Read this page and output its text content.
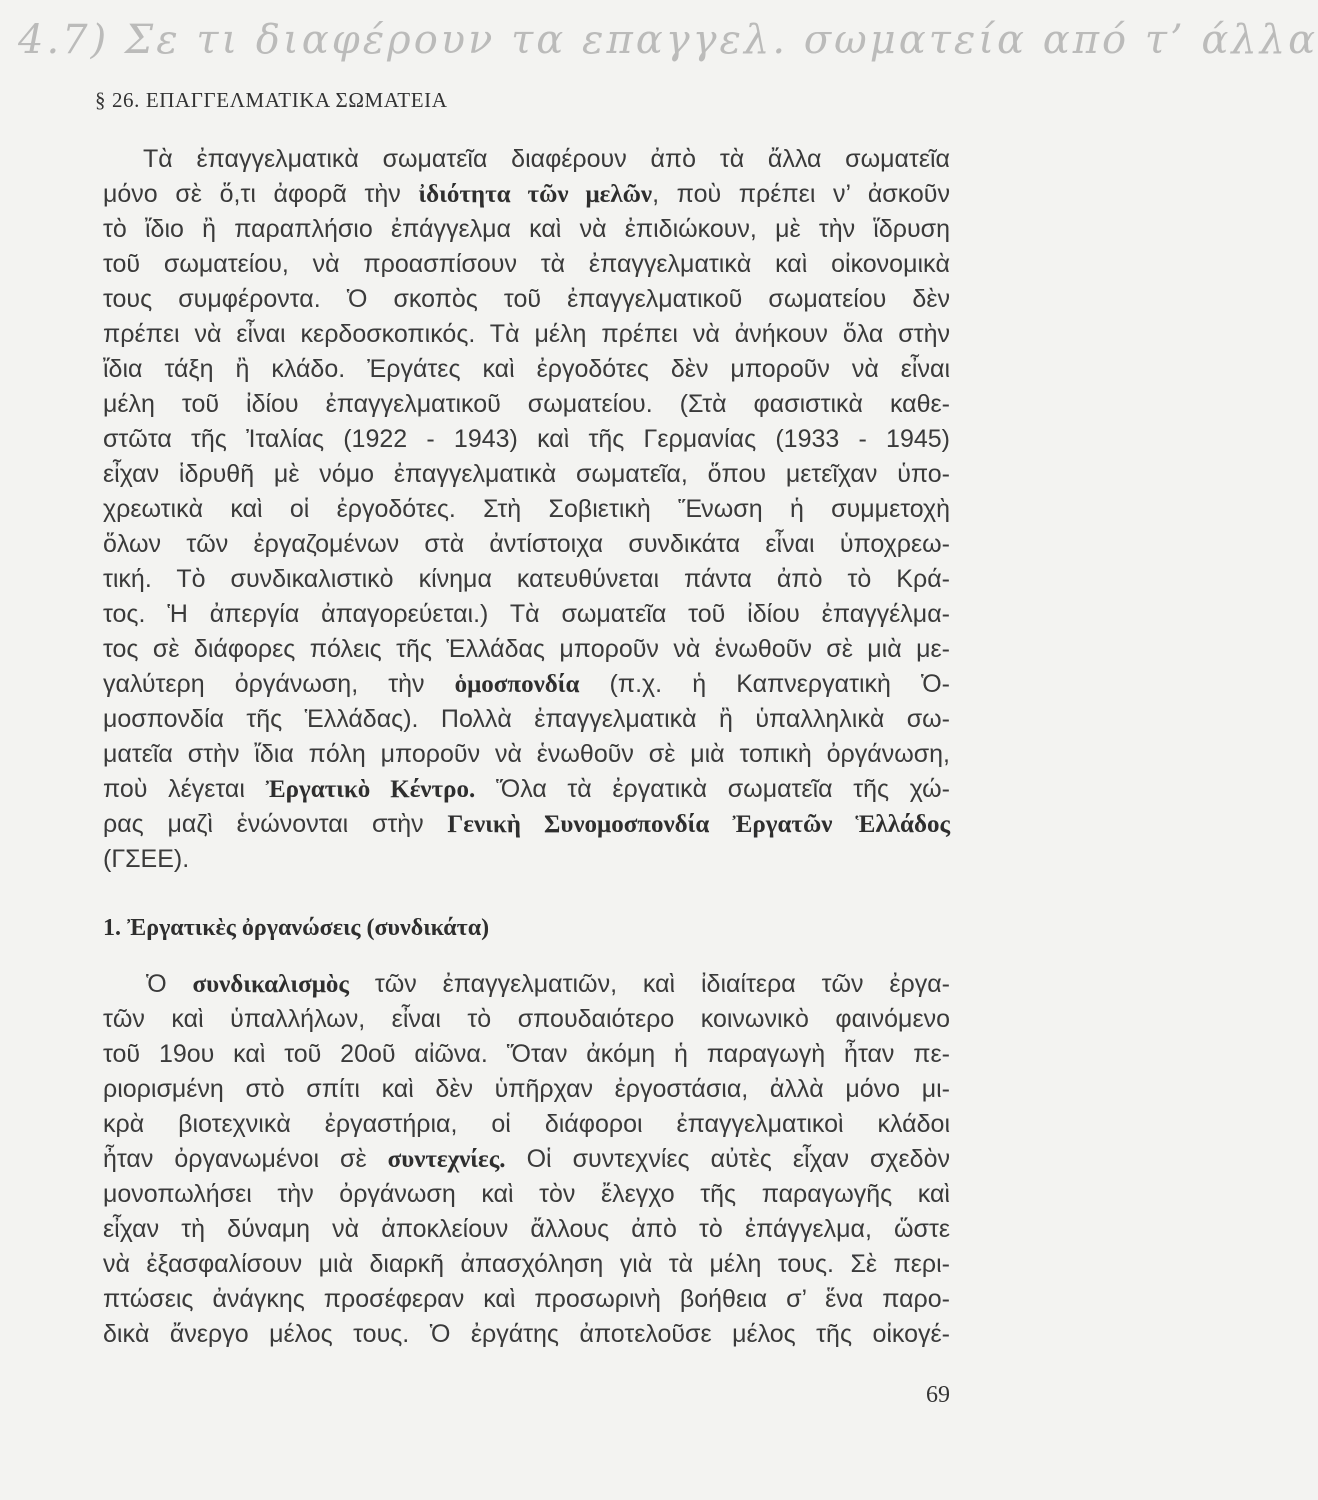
4.7) Σε τι διαφέρουν τα επαγγελ. σωματεία από τ’ άλλα
§ 26. ΕΠΑΓΓΕΛΜΑΤΙΚΑ ΣΩΜΑΤΕΙΑ
Τὰ ἐπαγγελματικὰ σωματεῖα διαφέρουν ἀπὸ τὰ ἄλλα σωματεῖα
μόνο σὲ ὅ,τι ἀφορᾶ τὴν ἰδιότητα τῶν μελῶν, ποὺ πρέπει ν’ ἀσκοῦν
τὸ ἴδιο ἢ παραπλήσιο ἐπάγγελμα καὶ νὰ ἐπιδιώκουν, μὲ τὴν ἵδρυση
τοῦ σωματείου, νὰ προασπίσουν τὰ ἐπαγγελματικὰ καὶ οἰκονομικὰ
τους συμφέροντα. Ὁ σκοπὸς τοῦ ἐπαγγελματικοῦ σωματείου δὲν
πρέπει νὰ εἶναι κερδοσκοπικός. Τὰ μέλη πρέπει νὰ ἀνήκουν ὅλα στὴν
ἴδια τάξη ἢ κλάδο. Ἐργάτες καὶ ἐργοδότες δὲν μποροῦν νὰ εἶναι
μέλη τοῦ ἰδίου ἐπαγγελματικοῦ σωματείου. (Στὰ φασιστικὰ καθε-
στῶτα τῆς Ἰταλίας (1922 - 1943) καὶ τῆς Γερμανίας (1933 - 1945)
εἶχαν ἱδρυθῆ μὲ νόμο ἐπαγγελματικὰ σωματεῖα, ὅπου μετεῖχαν ὑπο-
χρεωτικὰ καὶ οἱ ἐργοδότες. Στὴ Σοβιετικὴ Ἕνωση ἡ συμμετοχὴ
ὅλων τῶν ἐργαζομένων στὰ ἀντίστοιχα συνδικάτα εἶναι ὑποχρεω-
τική. Τὸ συνδικαλιστικὸ κίνημα κατευθύνεται πάντα ἀπὸ τὸ Κρά-
τος. Ἡ ἀπεργία ἀπαγορεύεται.) Τὰ σωματεῖα τοῦ ἰδίου ἐπαγγέλμα-
τος σὲ διάφορες πόλεις τῆς Ἑλλάδας μποροῦν νὰ ἑνωθοῦν σὲ μιὰ με-
γαλύτερη ὀργάνωση, τὴν ὁμοσπονδία (π.χ. ἡ Καπνεργατικὴ Ὁ-
μοσπονδία τῆς Ἑλλάδας). Πολλὰ ἐπαγγελματικὰ ἢ ὑπαλληλικὰ σω-
ματεῖα στὴν ἴδια πόλη μποροῦν νὰ ἑνωθοῦν σὲ μιὰ τοπικὴ ὀργάνωση,
ποὺ λέγεται Ἐργατικὸ Κέντρο. Ὅλα τὰ ἐργατικὰ σωματεῖα τῆς χώ-
ρας μαζὶ ἑνώνονται στὴν Γενικὴ Συνομοσπονδία Ἐργατῶν Ἑλλάδος
(ΓΣΕΕ).
1. Ἐργατικὲς ὀργανώσεις (συνδικάτα)
Ὁ συνδικαλισμὸς τῶν ἐπαγγελματιῶν, καὶ ἰδιαίτερα τῶν ἐργα-
τῶν καὶ ὑπαλλήλων, εἶναι τὸ σπουδαιότερο κοινωνικὸ φαινόμενο
τοῦ 19ου καὶ τοῦ 20οῦ αἰῶνα. Ὅταν ἀκόμη ἡ παραγωγὴ ἦταν πε-
ριορισμένη στὸ σπίτι καὶ δὲν ὑπῆρχαν ἐργοστάσια, ἀλλὰ μόνο μι-
κρὰ βιοτεχνικὰ ἐργαστήρια, οἱ διάφοροι ἐπαγγελματικοὶ κλάδοι
ἦταν ὀργανωμένοι σὲ συντεχνίες. Οἱ συντεχνίες αὐτὲς εἶχαν σχεδὸν
μονοπωλήσει τὴν ὀργάνωση καὶ τὸν ἔλεγχο τῆς παραγωγῆς καὶ
εἶχαν τὴ δύναμη νὰ ἀποκλείουν ἄλλους ἀπὸ τὸ ἐπάγγελμα, ὥστε
νὰ ἐξασφαλίσουν μιὰ διαρκῆ ἀπασχόληση γιὰ τὰ μέλη τους. Σὲ περι-
πτώσεις ἀνάγκης προσέφεραν καὶ προσωρινὴ βοήθεια σ’ ἕνα παρο-
δικὰ ἄνεργο μέλος τους. Ὁ ἐργάτης ἀποτελοῦσε μέλος τῆς οἰκογέ-
69
